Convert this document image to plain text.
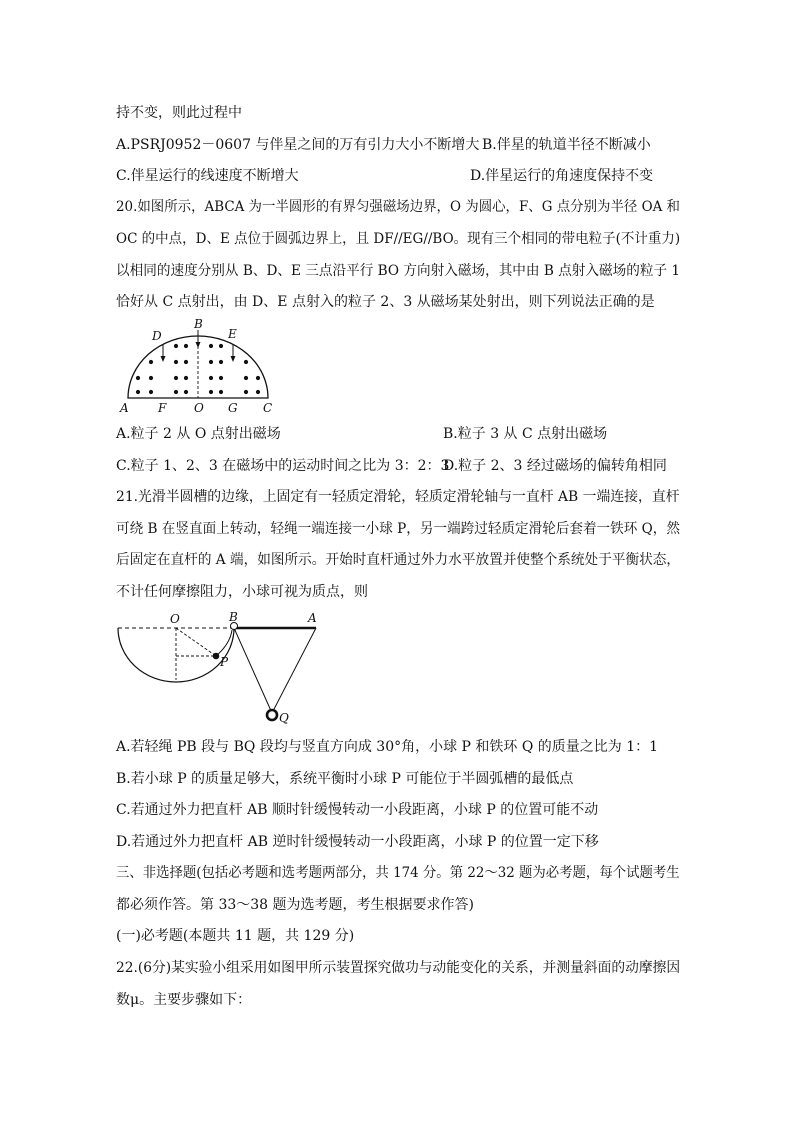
持不变，则此过程中
A.PSRJ0952－0607 与伴星之间的万有引力大小不断增大 B.伴星的轨道半径不断减小
C.伴星运行的线速度不断增大	D.伴星运行的角速度保持不变
20.如图所示，ABCA 为一半圆形的有界匀强磁场边界，O 为圆心，F、G 点分别为半径 OA 和
OC 的中点，D、E 点位于圆弧边界上，且 DF//EG//BO。现有三个相同的带电粒子(不计重力)
以相同的速度分别从 B、D、E 三点沿平行 BO 方向射入磁场，其中由 B 点射入磁场的粒子 1
恰好从 C 点射出，由 D、E 点射入的粒子 2、3 从磁场某处射出，则下列说法正确的是
D
B
E
A F O G C
A.粒子 2 从 O 点射出磁场	B.粒子 3 从 C 点射出磁场
C.粒子 1、2、3 在磁场中的运动时间之比为 3：2：3
D.粒子 2、3 经过磁场的偏转角相同
21.光滑半圆槽的边缘，上固定有一轻质定滑轮，轻质定滑轮轴与一直杆 AB 一端连接，直杆
可绕 B 在竖直面上转动，轻绳一端连接一小球 P，另一端跨过轻质定滑轮后套着一铁环 Q，然
后固定在直杆的 A 端，如图所示。开始时直杆通过外力水平放置并使整个系统处于平衡状态，
不计任何摩擦阻力，小球可视为质点，则
O	B	A
P
Q
A.若轻绳 PB 段与 BQ 段均与竖直方向成 30°角，小球 P 和铁环 Q 的质量之比为 1：1
B.若小球 P 的质量足够大，系统平衡时小球 P 可能位于半圆弧槽的最低点
C.若通过外力把直杆 AB 顺时针缓慢转动一小段距离，小球 P 的位置可能不动
D.若通过外力把直杆 AB 逆时针缓慢转动一小段距离，小球 P 的位置一定下移
三、非选择题(包括必考题和选考题两部分，共 174 分。第 22～32 题为必考题，每个试题考生
都必须作答。第 33～38 题为选考题，考生根据要求作答)
(一)必考题(本题共 11 题，共 129 分)
22.(6分)某实验小组采用如图甲所示装置探究做功与动能变化的关系，并测量斜面的动摩擦因
数μ。主要步骤如下：
